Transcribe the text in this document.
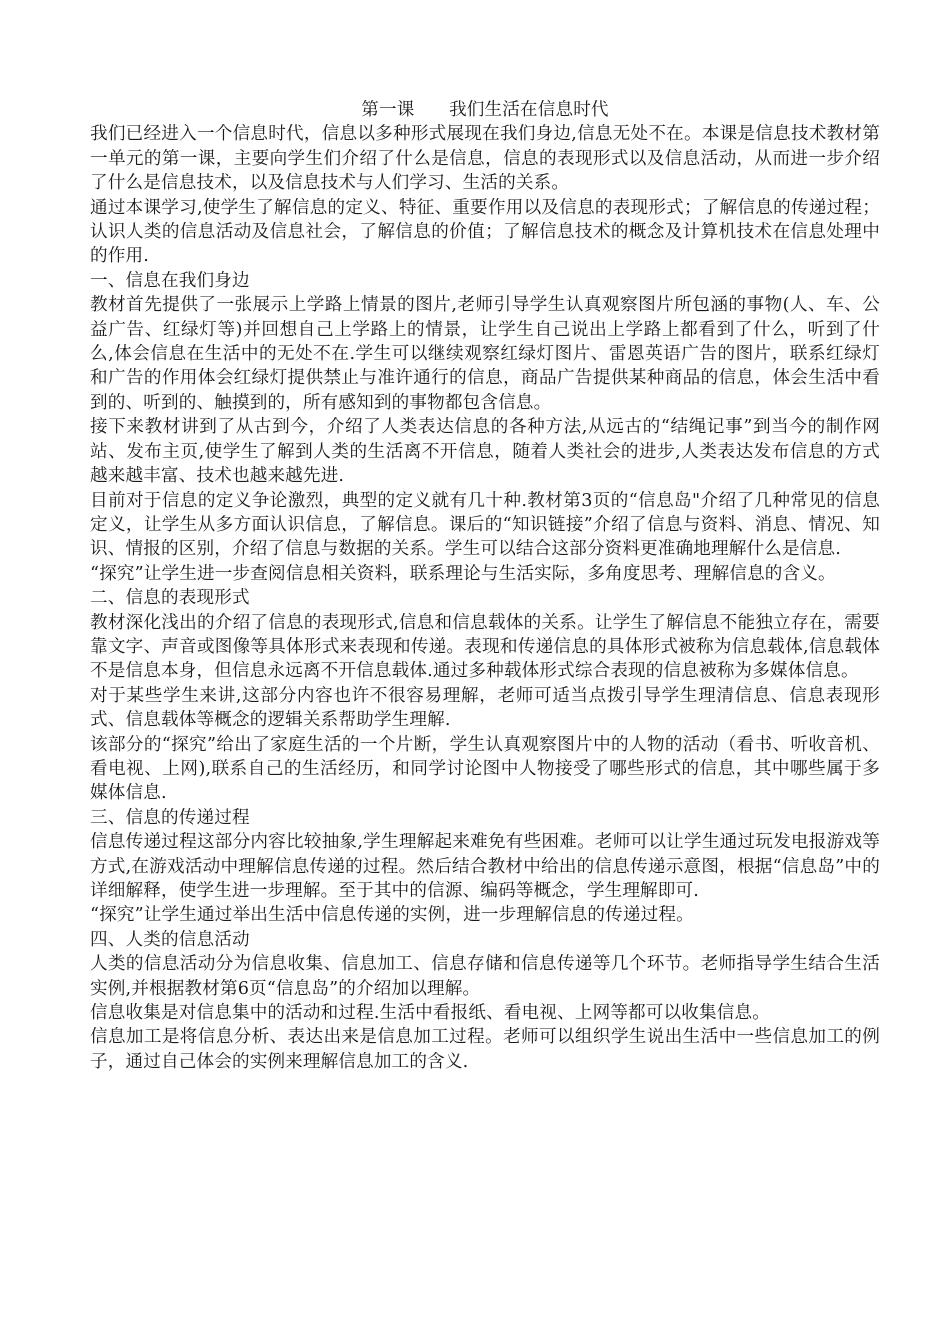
第一课      我们生活在信息时代

我们已经进入一个信息时代，信息以多种形式展现在我们身边,信息无处不在。本课是信息技术教材第一单元的第一课，主要向学生们介绍了什么是信息，信息的表现形式以及信息活动，从而进一步介绍了什么是信息技术，以及信息技术与人们学习、生活的关系。

通过本课学习,使学生了解信息的定义、特征、重要作用以及信息的表现形式；了解信息的传递过程；认识人类的信息活动及信息社会，了解信息的价值；了解信息技术的概念及计算机技术在信息处理中的作用.

一、信息在我们身边

教材首先提供了一张展示上学路上情景的图片,老师引导学生认真观察图片所包涵的事物(人、车、公益广告、红绿灯等)并回想自己上学路上的情景，让学生自己说出上学路上都看到了什么，听到了什么,体会信息在生活中的无处不在.学生可以继续观察红绿灯图片、雷恩英语广告的图片，联系红绿灯和广告的作用体会红绿灯提供禁止与准许通行的信息，商品广告提供某种商品的信息，体会生活中看到的、听到的、触摸到的，所有感知到的事物都包含信息。

接下来教材讲到了从古到今，介绍了人类表达信息的各种方法,从远古的“结绳记事”到当今的制作网站、发布主页,使学生了解到人类的生活离不开信息，随着人类社会的进步,人类表达发布信息的方式越来越丰富、技术也越来越先进.

目前对于信息的定义争论激烈，典型的定义就有几十种.教材第3页的“信息岛"介绍了几种常见的信息定义，让学生从多方面认识信息，了解信息。课后的“知识链接”介绍了信息与资料、消息、情况、知识、情报的区别，介绍了信息与数据的关系。学生可以结合这部分资料更准确地理解什么是信息.

“探究”让学生进一步查阅信息相关资料，联系理论与生活实际，多角度思考、理解信息的含义。

二、信息的表现形式

教材深化浅出的介绍了信息的表现形式,信息和信息载体的关系。让学生了解信息不能独立存在，需要靠文字、声音或图像等具体形式来表现和传递。表现和传递信息的具体形式被称为信息载体,信息载体不是信息本身，但信息永远离不开信息载体.通过多种载体形式综合表现的信息被称为多媒体信息。

对于某些学生来讲,这部分内容也许不很容易理解，老师可适当点拨引导学生理清信息、信息表现形式、信息载体等概念的逻辑关系帮助学生理解.

该部分的“探究”给出了家庭生活的一个片断，学生认真观察图片中的人物的活动（看书、听收音机、看电视、上网),联系自己的生活经历，和同学讨论图中人物接受了哪些形式的信息，其中哪些属于多媒体信息.

三、信息的传递过程

信息传递过程这部分内容比较抽象,学生理解起来难免有些困难。老师可以让学生通过玩发电报游戏等方式,在游戏活动中理解信息传递的过程。然后结合教材中给出的信息传递示意图，根据“信息岛”中的详细解释，使学生进一步理解。至于其中的信源、编码等概念，学生理解即可.

“探究”让学生通过举出生活中信息传递的实例，进一步理解信息的传递过程。

四、人类的信息活动

人类的信息活动分为信息收集、信息加工、信息存储和信息传递等几个环节。老师指导学生结合生活实例,并根据教材第6页“信息岛”的介绍加以理解。

信息收集是对信息集中的活动和过程.生活中看报纸、看电视、上网等都可以收集信息。

信息加工是将信息分析、表达出来是信息加工过程。老师可以组织学生说出生活中一些信息加工的例子，通过自己体会的实例来理解信息加工的含义.
